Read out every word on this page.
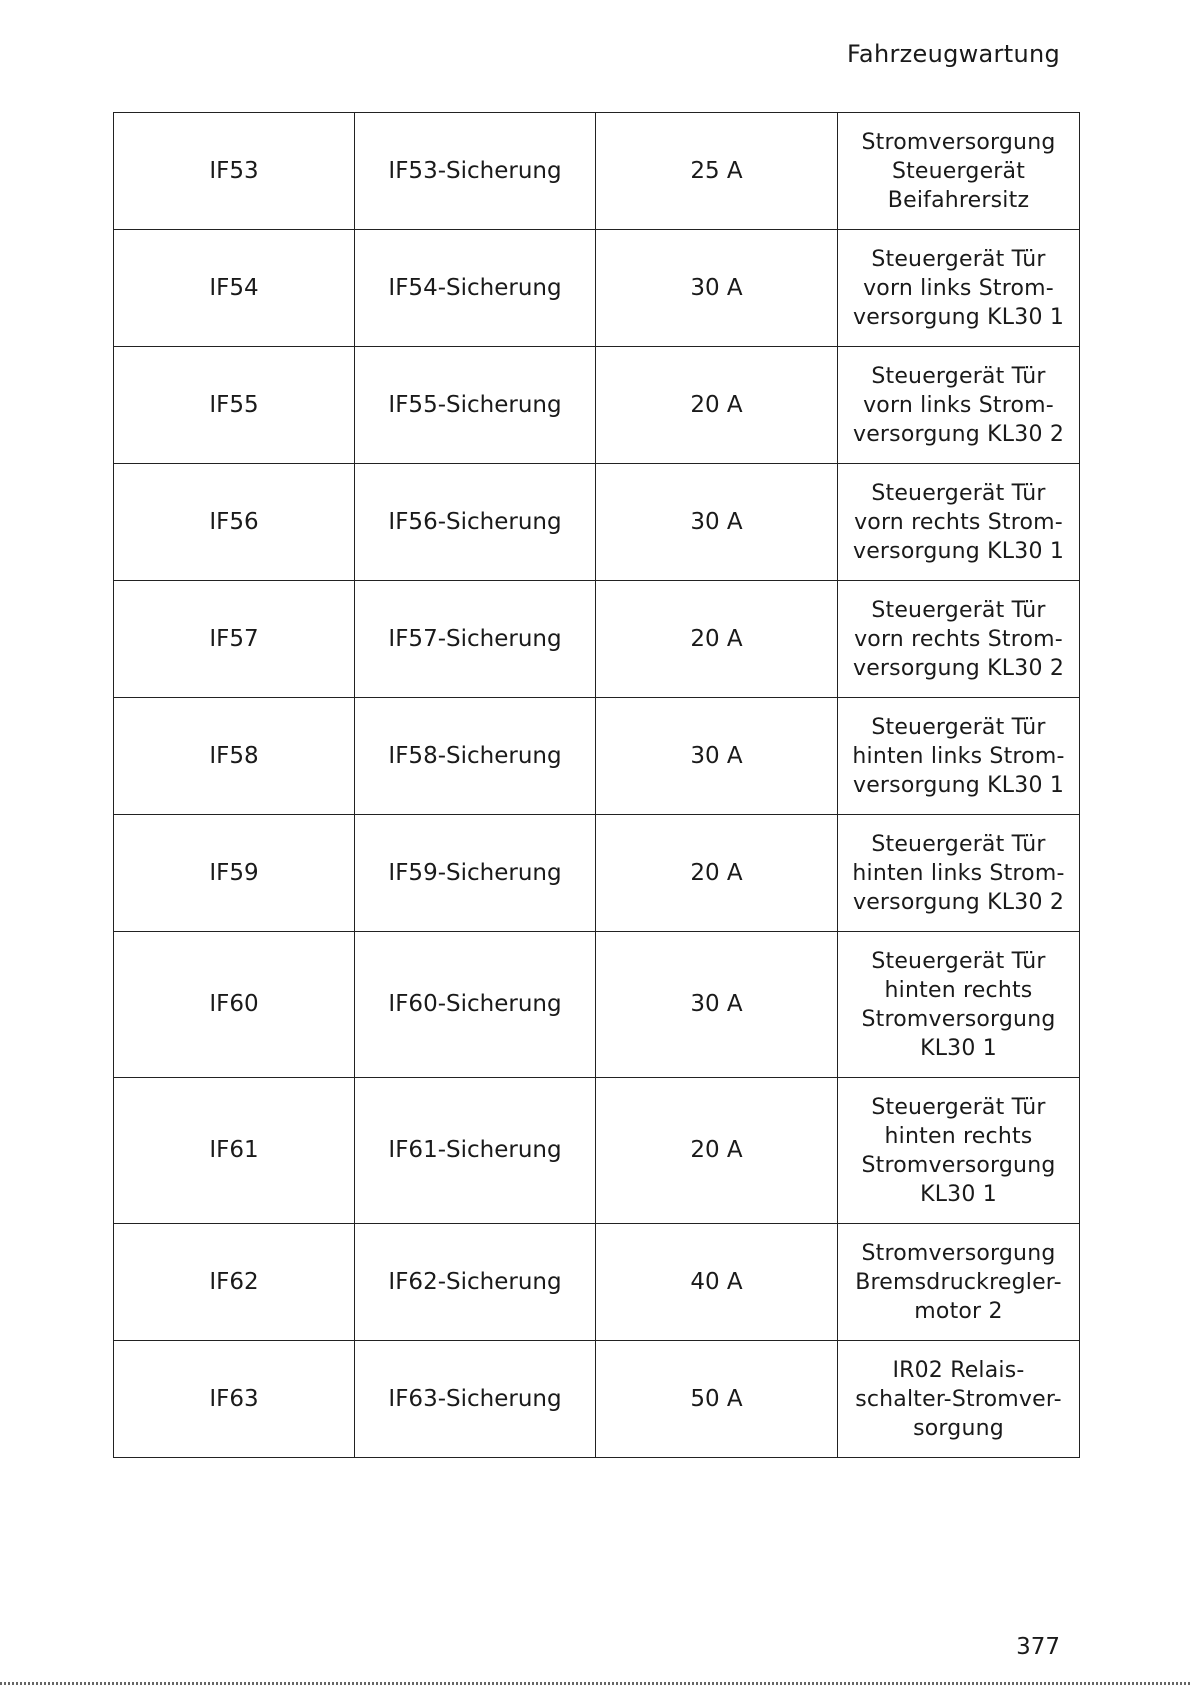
Fahrzeugwartung
IF53	IF53-Sicherung	25 A	Stromversorgung
Steuergerät
Beifahrersitz

IF54	IF54-Sicherung	30 A	Steuergerät Tür
vorn links Strom-
versorgung KL30 1

IF55	IF55-Sicherung	20 A	Steuergerät Tür
vorn links Strom-
versorgung KL30 2

IF56	IF56-Sicherung	30 A	Steuergerät Tür
vorn rechts Strom-
versorgung KL30 1

IF57	IF57-Sicherung	20 A	Steuergerät Tür
vorn rechts Strom-
versorgung KL30 2

IF58	IF58-Sicherung	30 A	Steuergerät Tür
hinten links Strom-
versorgung KL30 1

IF59	IF59-Sicherung	20 A	Steuergerät Tür
hinten links Strom-
versorgung KL30 2

IF60	IF60-Sicherung	30 A	Steuergerät Tür
hinten rechts
Stromversorgung
KL30 1

IF61	IF61-Sicherung	20 A	Steuergerät Tür
hinten rechts
Stromversorgung
KL30 1

IF62	IF62-Sicherung	40 A	Stromversorgung
Bremsdruckregler-
motor 2

IF63	IF63-Sicherung	50 A	IR02 Relais-
schalter-Stromver-
sorgung
377
